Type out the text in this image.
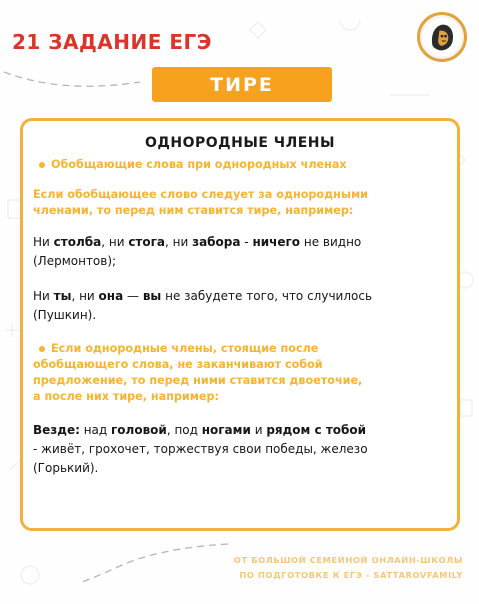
21 ЗАДАНИЕ ЕГЭ
ТИРЕ
ОДНОРОДНЫЕ ЧЛЕНЫ
Обобщающие слова при однородных членах
Если обобщающее слово следует за однородными
членами, то перед ним ставится тире, например:
Ни столба, ни стога, ни забора - ничего не видно
(Лермонтов);
Ни ты, ни она — вы не забудете того, что случилось
(Пушкин).
Если однородные члены, стоящие после
обобщающего слова, не заканчивают собой
предложение, то перед ними ставится двоеточие,
а после них тире, например:
Везде: над головой, под ногами и рядом с тобой
- живёт, грохочет, торжествуя свои победы, железо
(Горький).
ОТ БОЛЬШОЙ СЕМЕЙНОЙ ОНЛАЙН-ШКОЛЫ
ПО ПОДГОТОВКЕ К ЕГЭ - SATTAROVFAMILY
